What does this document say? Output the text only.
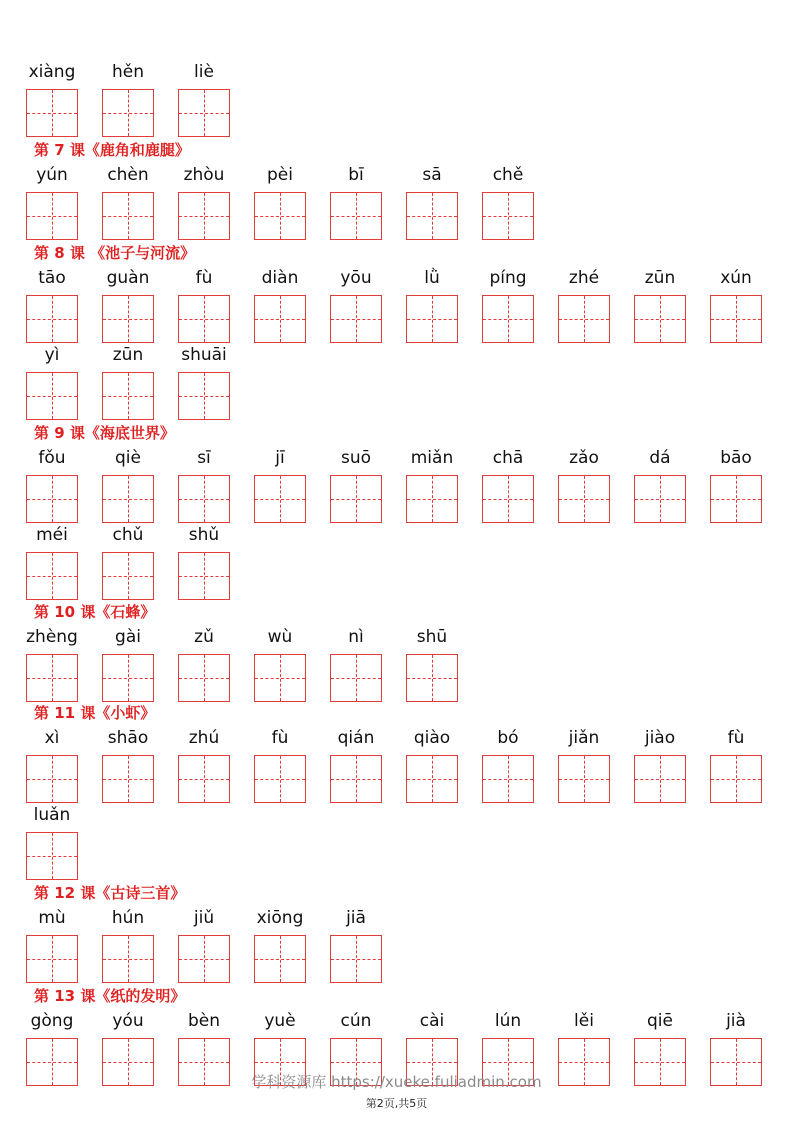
xiàng	hěn	liè
第 7 课《鹿角和鹿腿》
yún	chèn	zhòu	pèi	bī	sā	chě
第 8 课 《池子与河流》
tāo	guàn	fù	diàn	yōu	lǜ	píng	zhé	zūn	xún
yì	zūn	shuāi
第 9 课《海底世界》
fǒu	qiè	sī	jī	suō	miǎn	chā	zǎo	dá	bāo
méi	chǔ	shǔ
第 10 课《石蜂》
zhèng	gài	zǔ	wù	nì	shū
第 11 课《小虾》
xì	shāo	zhú	fù	qián	qiào	bó	jiǎn	jiào	fù
luǎn
第 12 课《古诗三首》
mù	hún	jiǔ	xiōng	jiā
第 13 课《纸的发明》
gòng	yóu	bèn	yuè	cún	cài	lún	lěi	qiē	jià
学科资源库 https://xueke.fuliadmin.com
第2页,共5页
